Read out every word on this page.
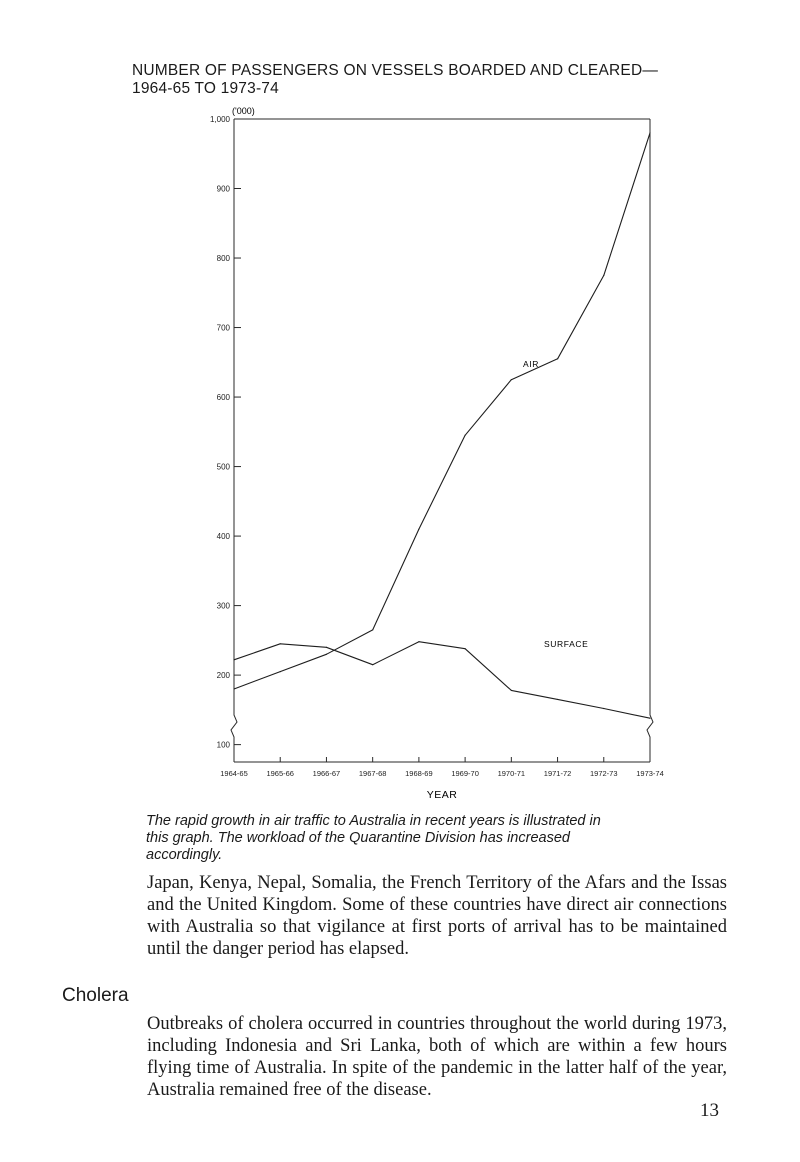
NUMBER OF PASSENGERS ON VESSELS BOARDED AND CLEARED—
1964-65 TO 1973-74
1,000
900
800
700
600
500
400
300
200
100
1964-65 1965-66 1966-67 1967-68 1968-69 1969-70 1970-71 1971-72 1972-73 1973-74
('000)
YEAR
AIR
SURFACE
The rapid growth in air traffic to Australia in recent years is illustrated in this graph. The workload of the Quarantine Division has increased accordingly.
Japan, Kenya, Nepal, Somalia, the French Territory of the Afars and the Issas and the United Kingdom. Some of these countries have direct air connections with Australia so that vigilance at first ports of arrival has to be maintained until the danger period has elapsed.
Cholera
Outbreaks of cholera occurred in countries throughout the world during 1973, including Indonesia and Sri Lanka, both of which are within a few hours flying time of Australia. In spite of the pandemic in the latter half of the year, Australia remained free of the disease.
13
